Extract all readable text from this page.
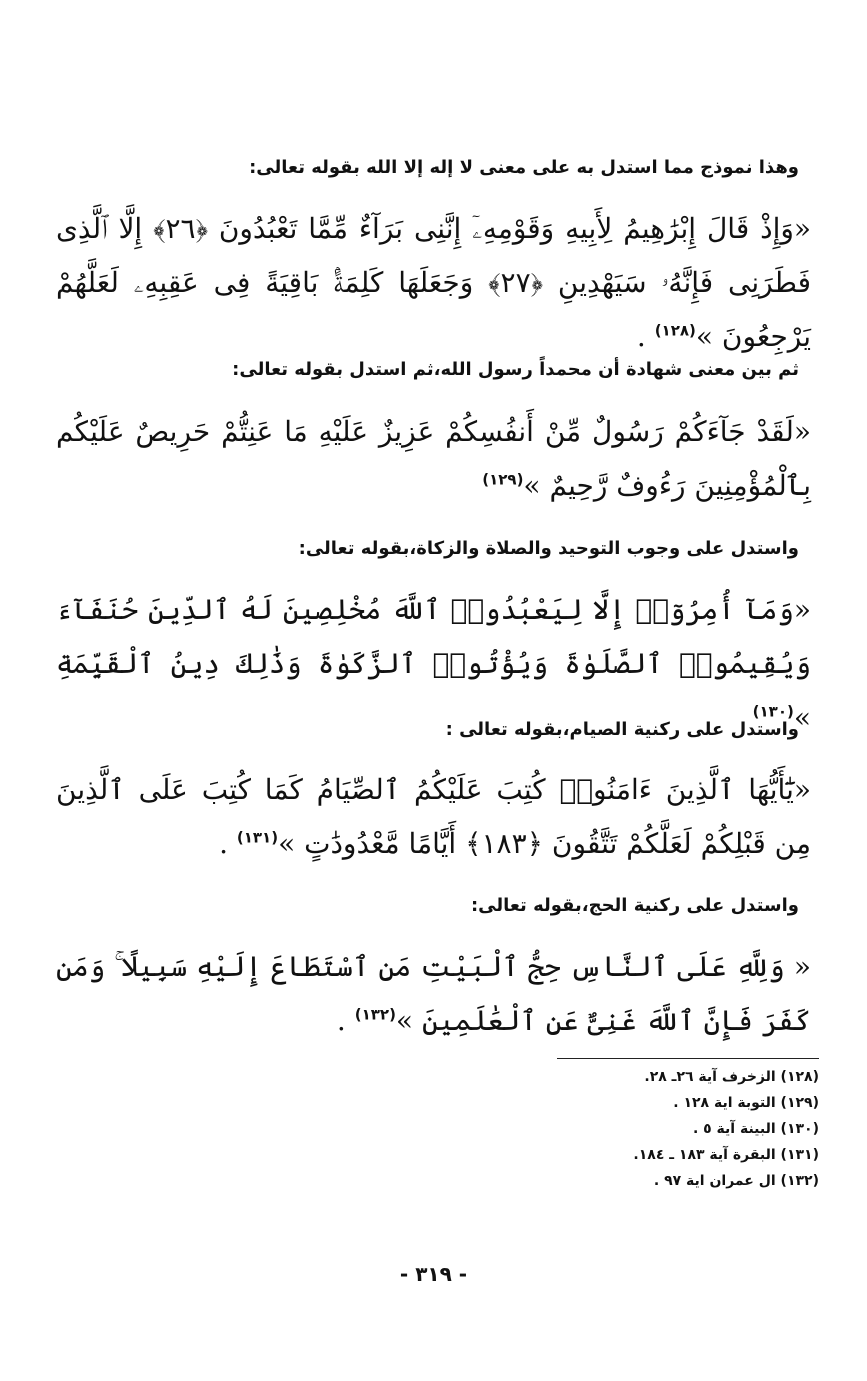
وهذا نموذج مما استدل به على معنى لا إله إلا الله بقوله تعالى:
«وَإِذْ قَالَ إِبْرَٰهِيمُ لِأَبِيهِ وَقَوْمِهِۦٓ إِنَّنِى بَرَآءٌ مِّمَّا تَعْبُدُونَ ﴿٢٦﴾ إِلَّا ٱلَّذِى فَطَرَنِى فَإِنَّهُۥ سَيَهْدِينِ ﴿٢٧﴾ وَجَعَلَهَا كَلِمَةًۢ بَاقِيَةً فِى عَقِبِهِۦ لَعَلَّهُمْ يَرْجِعُونَ »$^{(١٢٨)}$ .
ثم بين معنى شهادة أن محمداً رسول الله،ثم استدل بقوله تعالى:
«لَقَدْ جَآءَكُمْ رَسُولٌ مِّنْ أَنفُسِكُمْ عَزِيزٌ عَلَيْهِ مَا عَنِتُّمْ حَرِيصٌ عَلَيْكُم بِٱلْمُؤْمِنِينَ رَءُوفٌ رَّحِيمٌ »$^{(١٢٩)}$
واستدل على وجوب التوحيد والصلاة والزكاة،بقوله تعالى:
«وَمَآ أُمِرُوٓا۟ إِلَّا لِيَعْبُدُوا۟ ٱللَّهَ مُخْلِصِينَ لَهُ ٱلدِّينَ حُنَفَآءَ وَيُقِيمُوا۟ ٱلصَّلَوٰةَ وَيُؤْتُوا۟ ٱلزَّكَوٰةَ وَذَٰلِكَ دِينُ ٱلْقَيِّمَةِ »$^{(١٣٠)}$
واستدل على ركنية الصيام،بقوله تعالى :
«يَٰٓأَيُّهَا ٱلَّذِينَ ءَامَنُوا۟ كُتِبَ عَلَيْكُمُ ٱلصِّيَامُ كَمَا كُتِبَ عَلَى ٱلَّذِينَ مِن قَبْلِكُمْ لَعَلَّكُمْ تَتَّقُونَ ﴿١٨٣﴾ أَيَّامًا مَّعْدُودَٰتٍ »$^{(١٣١)}$ .
واستدل على ركنية الحج،بقوله تعالى:
« وَلِلَّهِ عَلَى ٱلنَّاسِ حِجُّ ٱلْبَيْتِ مَنِ ٱسْتَطَاعَ إِلَيْهِ سَبِيلًا ۚ وَمَن كَفَرَ فَإِنَّ ٱللَّهَ غَنِىٌّ عَنِ ٱلْعَٰلَمِينَ »$^{(١٣٢)}$ .
(١٢٨) الزخرف آية ٢٦ـ ٢٨.
(١٢٩) التوبة اية ١٢٨ .
(١٣٠) البينة آية ٥ .
(١٣١) البقرة آية ١٨٣ ـ ١٨٤.
(١٣٢) ال عمران اية ٩٧ .
- ٣١٩ -
